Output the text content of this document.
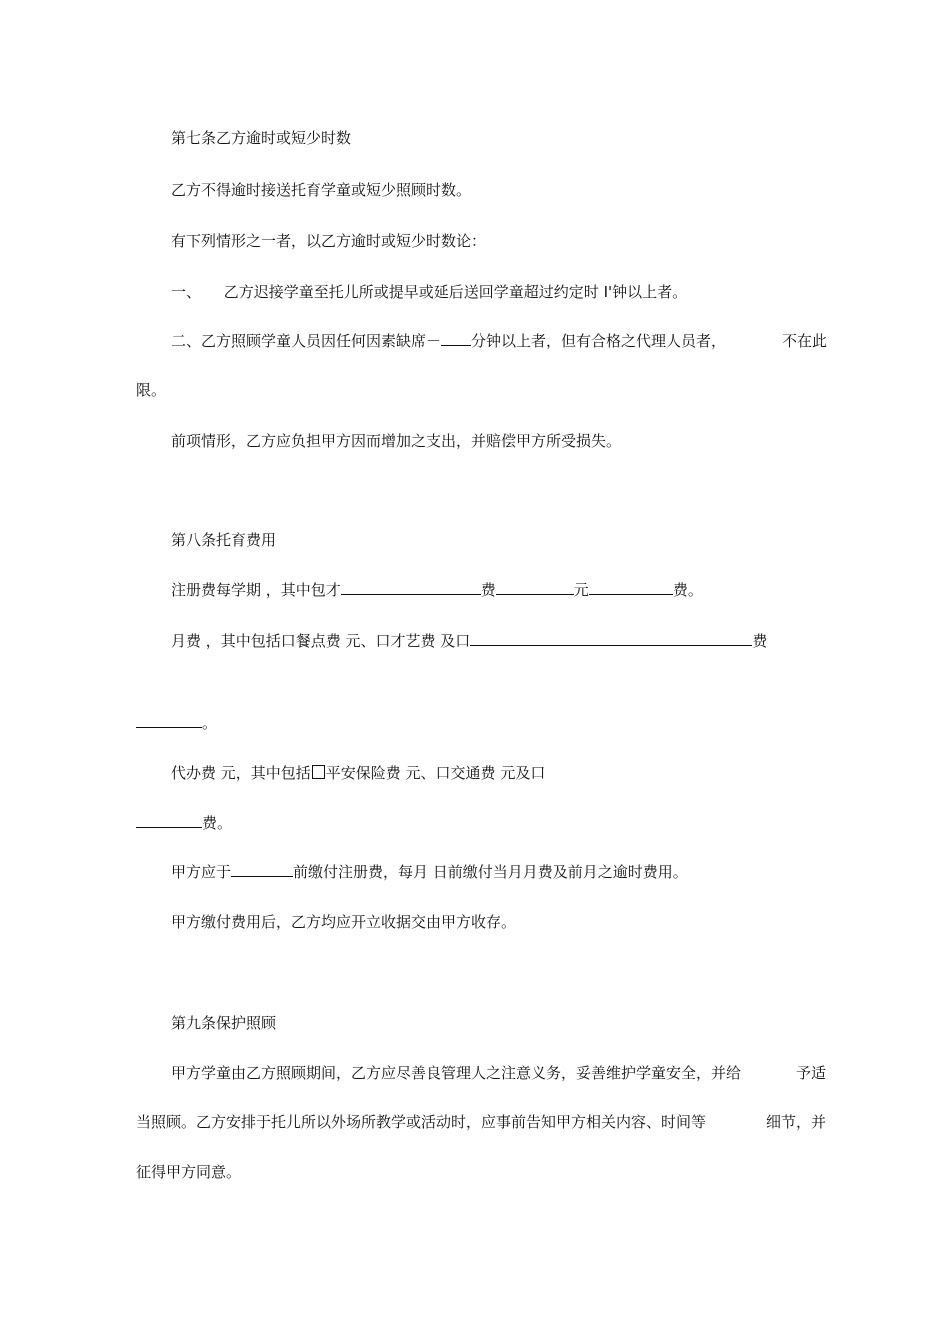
第七条乙方逾时或短少时数
乙方不得逾时接送托育学童或短少照顾时数。
有下列情形之一者，以乙方逾时或短少时数论：
一、 乙方迟接学童至托儿所或提早或延后送回学童超过约定时 I'钟以上者。
二、乙方照顾学童人员因任何因素缺席－ 分钟以上者，但有合格之代理人员者，	不在此
限。
前项情形，乙方应负担甲方因而增加之支出，并赔偿甲方所受损失。
第八条托育费用
注册费每学期 ，其中包才	费	元	费。
月费 ，其中包括口餐点费 元、口才艺费 及口	费
。
代办费 元，其中包括 平安保险费 元、口交通费 元及口
费。
甲方应于	前缴付注册费，每月 日前缴付当月月费及前月之逾时费用。
甲方缴付费用后，乙方均应开立收据交由甲方收存。
第九条保护照顾
甲方学童由乙方照顾期间，乙方应尽善良管理人之注意义务，妥善维护学童安全，并给	予适
当照顾。乙方安排于托儿所以外场所教学或活动时，应事前告知甲方相关内容、时间等	细节，并
征得甲方同意。
